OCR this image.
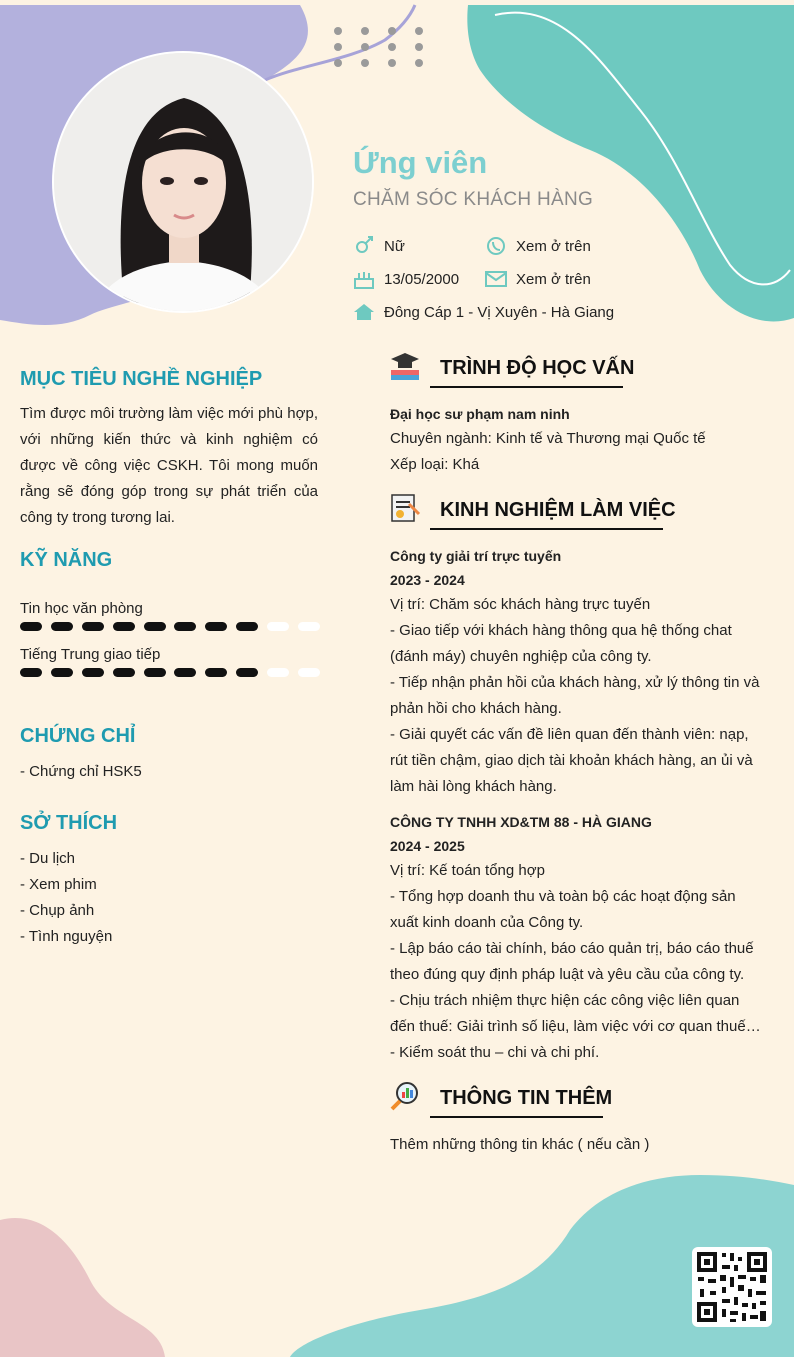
Ứng viên
CHĂM SÓC KHÁCH HÀNG
Nữ	Xem ở trên
13/05/2000	Xem ở trên
Đông Cáp 1 - Vị Xuyên - Hà Giang
MỤC TIÊU NGHỀ NGHIỆP
Tìm được môi trường làm việc mới phù hợp, với những kiến thức và kinh nghiệm có được về công việc CSKH. Tôi mong muốn rằng sẽ đóng góp trong sự phát triển của công ty trong tương lai.
KỸ NĂNG
Tin học văn phòng
Tiếng Trung giao tiếp
CHỨNG CHỈ
- Chứng chỉ HSK5
SỞ THÍCH
- Du lịch
- Xem phim
- Chụp ảnh
- Tình nguyện
TRÌNH ĐỘ HỌC VẤN
Đại học sư phạm nam ninh
Chuyên ngành: Kinh tế và Thương mại Quốc tế
Xếp loại: Khá
KINH NGHIỆM LÀM VIỆC
Công ty giải trí trực tuyến
2023 - 2024
Vị trí: Chăm sóc khách hàng trực tuyến
- Giao tiếp với khách hàng thông qua hệ thống chat (đánh máy) chuyên nghiệp của công ty.
- Tiếp nhận phản hồi của khách hàng, xử lý thông tin và phản hồi cho khách hàng.
- Giải quyết các vấn đề liên quan đến thành viên: nạp, rút tiền chậm, giao dịch tài khoản khách hàng, an ủi và làm hài lòng khách hàng.
CÔNG TY TNHH XD&TM 88 - HÀ GIANG
2024 - 2025
Vị trí: Kế toán tổng hợp
- Tổng hợp doanh thu và toàn bộ các hoạt động sản xuất kinh doanh của Công ty.
- Lập báo cáo tài chính, báo cáo quản trị, báo cáo thuế theo đúng quy định pháp luật và yêu cầu của công ty.
- Chịu trách nhiệm thực hiện các công việc liên quan đến thuế: Giải trình số liệu, làm việc với cơ quan thuế…
- Kiểm soát thu – chi và chi phí.
THÔNG TIN THÊM
Thêm những thông tin khác ( nếu cần )
